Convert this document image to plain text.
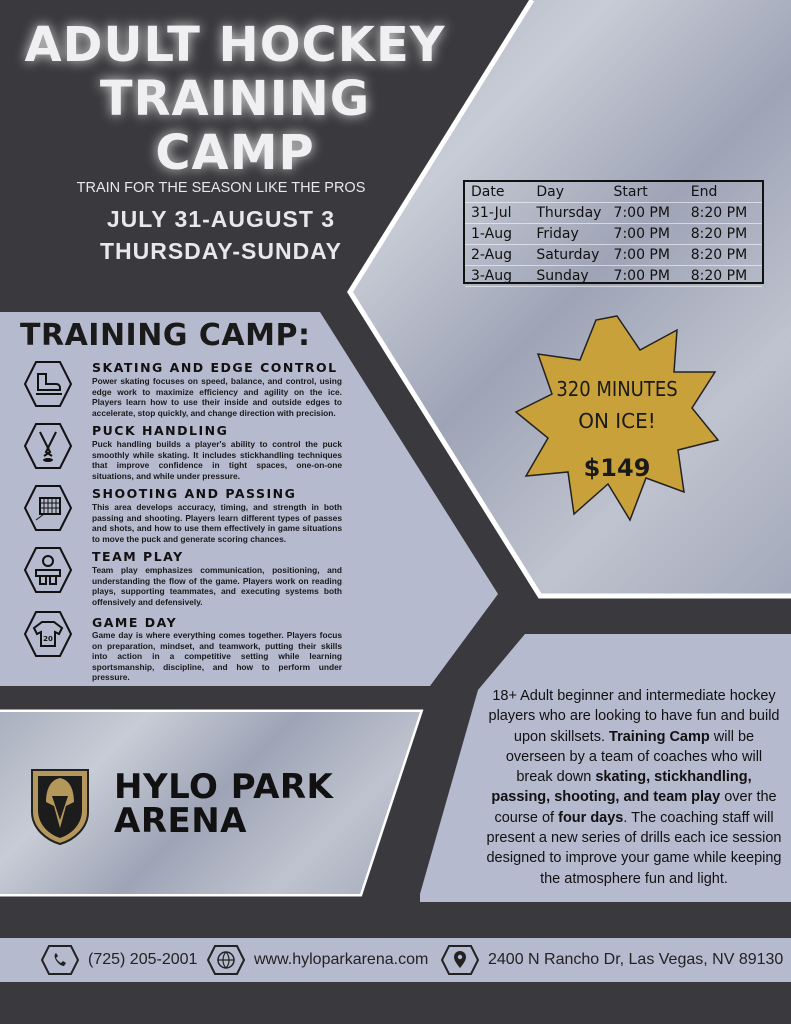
ADULT HOCKEY
TRAINING
CAMP
TRAIN FOR THE SEASON LIKE THE PROS
JULY 31-AUGUST 3
THURSDAY-SUNDAY
Date	Day	Start	End
31-Jul	Thursday	7:00 PM	8:20 PM
1-Aug	Friday	7:00 PM	8:20 PM
2-Aug	Saturday	7:00 PM	8:20 PM
3-Aug	Sunday	7:00 PM	8:20 PM
320 MINUTES
ON ICE!
$149
TRAINING CAMP:
20
SKATING AND EDGE CONTROL
Power skating focuses on speed, balance, and control, using edge work to maximize efficiency and agility on the ice. Players learn how to use their inside and outside edges to accelerate, stop quickly, and change direction with precision.
PUCK HANDLING
Puck handling builds a player's ability to control the puck smoothly while skating. It includes stickhandling techniques that improve confidence in tight spaces, one-on-one situations, and while under pressure.
SHOOTING AND PASSING
This area develops accuracy, timing, and strength in both passing and shooting. Players learn different types of passes and shots, and how to use them effectively in game situations to move the puck and generate scoring chances.
TEAM PLAY
Team play emphasizes communication, positioning, and understanding the flow of the game. Players work on reading plays, supporting teammates, and executing systems both offensively and defensively.
GAME DAY
Game day is where everything comes together. Players focus on preparation, mindset, and teamwork, putting their skills into action in a competitive setting while learning sportsmanship, discipline, and how to perform under pressure.
HYLO PARK
ARENA
18+ Adult beginner and intermediate hockey players who are looking to have fun and build upon skillsets. Training Camp will be overseen by a team of coaches who will break down skating, stickhandling, passing, shooting, and team play over the course of four days. The coaching staff will present a new series of drills each ice session designed to improve your game while keeping the atmosphere fun and light.
(725) 205-2001	www.hyloparkarena.com	2400 N Rancho Dr, Las Vegas, NV 89130
